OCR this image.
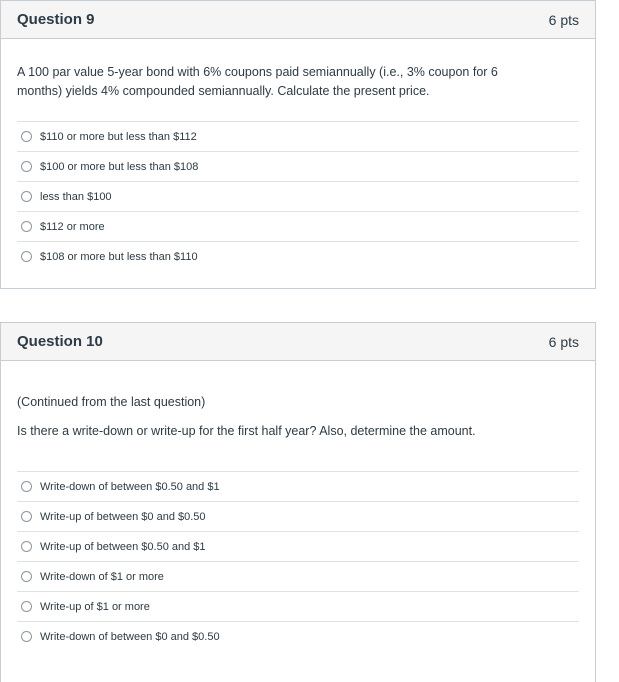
Question 9	6 pts

A 100 par value 5-year bond with 6% coupons paid semiannually (i.e., 3% coupon for 6

months) yields 4% compounded semiannually. Calculate the present price.

$110 or more but less than $112
$100 or more but less than $108
less than $100
$112 or more
$108 or more but less than $110
Question 10	6 pts

(Continued from the last question)

Is there a write-down or write-up for the first half year? Also, determine the amount.

Write-down of between $0.50 and $1
Write-up of between $0 and $0.50
Write-up of between $0.50 and $1
Write-down of $1 or more
Write-up of $1 or more
Write-down of between $0 and $0.50
